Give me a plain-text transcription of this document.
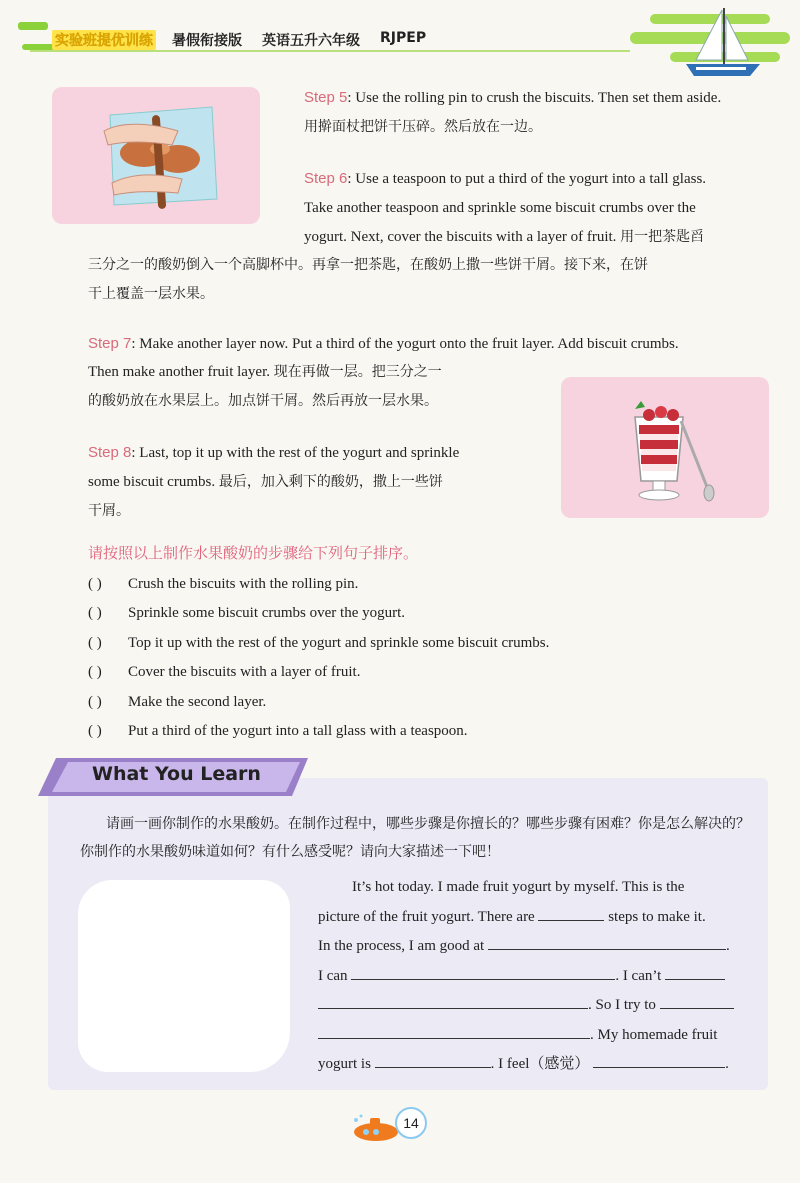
实验班提优训练 暑假衔接版 英语五升六年级 RJPEP
Step 5: Use the rolling pin to crush the biscuits. Then set them aside.
用擀面杖把饼干压碎。然后放在一边。
Step 6: Use a teaspoon to put a third of the yogurt into a tall glass.
Take another teaspoon and sprinkle some biscuit crumbs over the
yogurt. Next, cover the biscuits with a layer of fruit. 用一把茶匙舀
三分之一的酸奶倒入一个高脚杯中。再拿一把茶匙，在酸奶上撒一些饼干屑。接下来，在饼
干上覆盖一层水果。
Step 7: Make another layer now. Put a third of the yogurt onto the fruit layer. Add biscuit crumbs.
Then make another fruit layer. 现在再做一层。把三分之一
的酸奶放在水果层上。加点饼干屑。然后再放一层水果。
Step 8: Last, top it up with the rest of the yogurt and sprinkle
some biscuit crumbs. 最后，加入剩下的酸奶，撒上一些饼
干屑。
请按照以上制作水果酸奶的步骤给下列句子排序。
( )	Crush the biscuits with the rolling pin.
( )	Sprinkle some biscuit crumbs over the yogurt.
( )	Top it up with the rest of the yogurt and sprinkle some biscuit crumbs.
( )	Cover the biscuits with a layer of fruit.
( )	Make the second layer.
( )	Put a third of the yogurt into a tall glass with a teaspoon.
What You Learn
请画一画你制作的水果酸奶。在制作过程中，哪些步骤是你擅长的？哪些步骤有困难？你是怎么解决的？你制作的水果酸奶味道如何？有什么感受呢？请向大家描述一下吧！
It’s hot today. I made fruit yogurt by myself. This is the
picture of the fruit yogurt. There are	steps to make it.
In the process, I am good at	.
I can	. I can’t
. So I try to
. My homemade fruit
yogurt is	. I feel（感觉）	.
14
